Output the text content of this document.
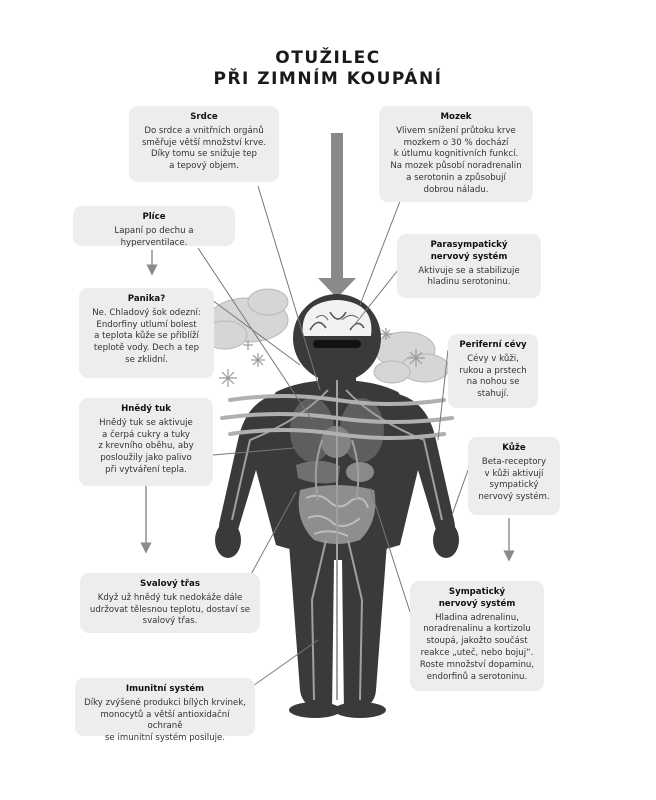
OTUŽILEC
PŘI ZIMNÍM KOUPÁNÍ
Srdce
Do srdce a vnitřních orgánů
směřuje větší množství krve.
Díky tomu se snižuje tep
a tepový objem.
Mozek
Vlivem snížení průtoku krve
mozkem o 30 % dochází
k útlumu kognitivních funkcí.
Na mozek působí noradrenalin
a serotonin a způsobují
dobrou náladu.
Plíce
Lapaní po dechu a hyperventilace.	Parasympatický
nervový systém
Aktivuje se a stabilizuje
hladinu serotoninu.
Panika?
Ne. Chladový šok odezní:
Endorfiny utlumí bolest
a teplota kůže se přiblíží
teplotě vody. Dech a tep
se zklidní.
Periferní cévy
Cévy v kůži,
rukou a prstech
na nohou se
stahují.
Hnědý tuk
Hnědý tuk se aktivuje
a čerpá cukry a tuky
z krevního oběhu, aby
posloužily jako palivo
při vytváření tepla.
Kůže
Beta-receptory
v kůži aktivují
sympatický
nervový systém.
Svalový třas
Když už hnědý tuk nedokáže dále
udržovat tělesnou teplotu, dostaví se
svalový třas.
Sympatický
nervový systém
Hladina adrenalinu,
noradrenalinu a kortizolu
stoupá, jakožto součást
reakce „uteč, nebo bojuj“.
Roste množství dopaminu,
endorfinů a serotoninu.
Imunitní systém
Díky zvýšené produkci bílých krvinek,
monocytů a větší antioxidační ochraně
se imunitní systém posiluje.
